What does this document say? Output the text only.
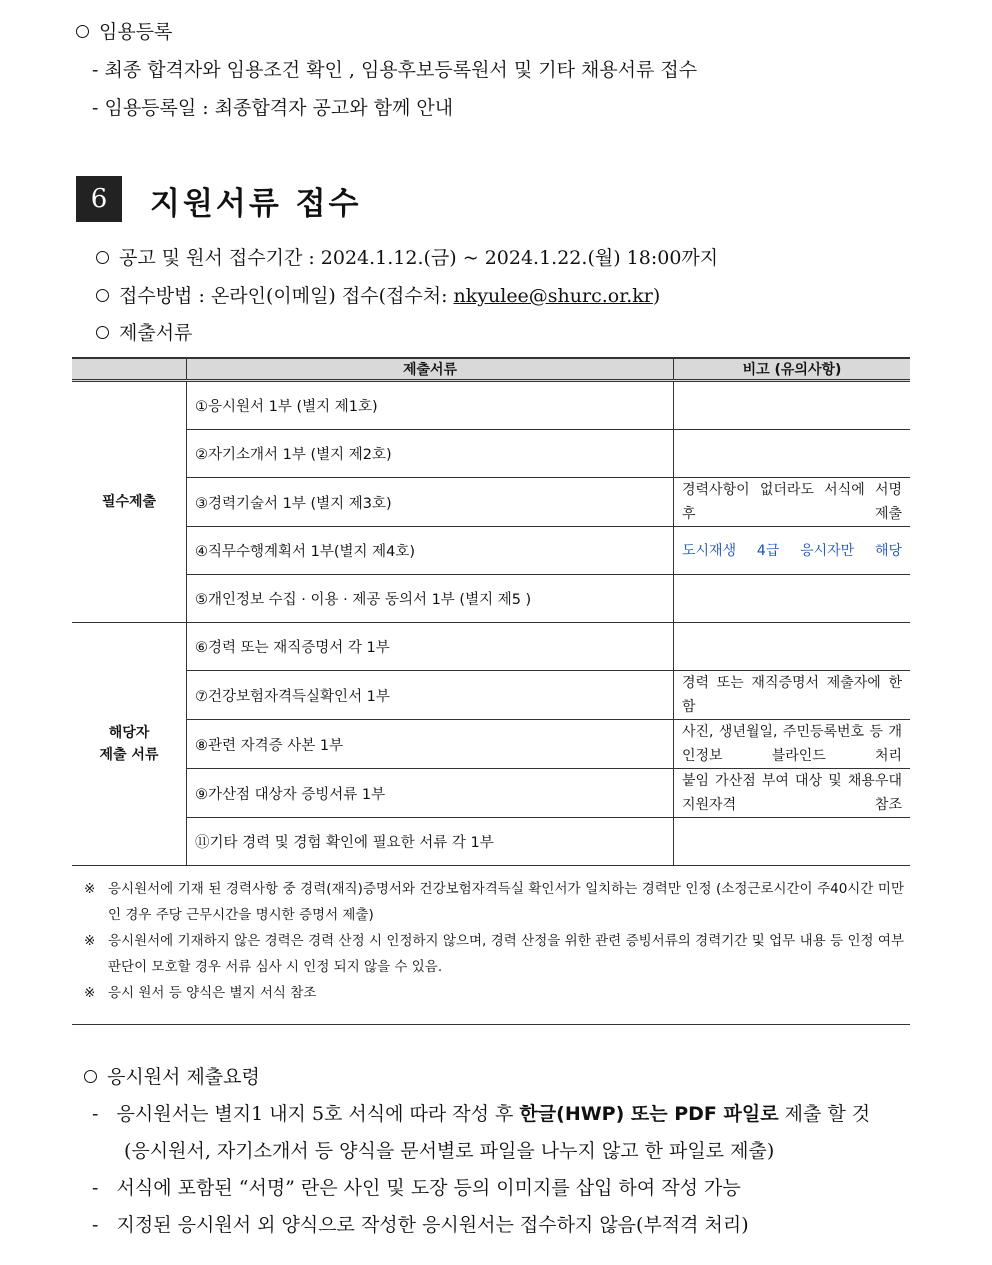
임용등록
- 최종 합격자와 임용조건 확인 , 임용후보등록원서 및 기타 채용서류 접수
- 임용등록일 : 최종합격자 공고와 함께 안내
6	지원서류 접수
공고 및 원서 접수기간 : 2024.1.12.(금) ~ 2024.1.22.(월) 18:00까지
접수방법 : 온라인(이메일) 접수(접수처: nkyulee@shurc.or.kr)
제출서류
	제출서류	비고 (유의사항)
필수제출	①응시원서 1부 (별지 제1호)	
	②자기소개서 1부 (별지 제2호)	
	③경력기술서 1부 (별지 제3호)	경력사항이 없더라도 서식에 서명 후 제출
	④직무수행계획서 1부(별지 제4호)	도시재생 4급 응시자만 해당
	⑤개인정보 수집 · 이용 · 제공 동의서 1부 (별지 제5 )	
해당자
제출 서류	⑥경력 또는 재직증명서 각 1부	
	⑦건강보험자격득실확인서 1부	경력 또는 재직증명서 제출자에 한함
	⑧관련 자격증 사본 1부	사진, 생년월일, 주민등록번호 등 개인정보 블라인드 처리
	⑨가산점 대상자 증빙서류 1부	붙임 가산점 부여 대상 및 채용우대 지원자격 참조
	⑪기타 경력 및 경험 확인에 필요한 서류 각 1부	
※ 응시원서에 기재 된 경력사항 중 경력(재직)증명서와 건강보험자격득실 확인서가 일치하는 경력만 인정 (소정근로시간이 주40시간 미만인 경우 주당 근무시간을 명시한 증명서 제출)
※ 응시원서에 기재하지 않은 경력은 경력 산정 시 인정하지 않으며, 경력 산정을 위한 관련 증빙서류의 경력기간 및 업무 내용 등 인정 여부 판단이 모호할 경우 서류 심사 시 인정 되지 않을 수 있음.
※ 응시 원서 등 양식은 별지 서식 참조
응시원서 제출요령
- 응시원서는 별지1 내지 5호 서식에 따라 작성 후 한글(HWP) 또는 PDF 파일로 제출 할 것
(응시원서, 자기소개서 등 양식을 문서별로 파일을 나누지 않고 한 파일로 제출)
- 서식에 포함된 “서명” 란은 사인 및 도장 등의 이미지를 삽입 하여 작성 가능
- 지정된 응시원서 외 양식으로 작성한 응시원서는 접수하지 않음(부적격 처리)
